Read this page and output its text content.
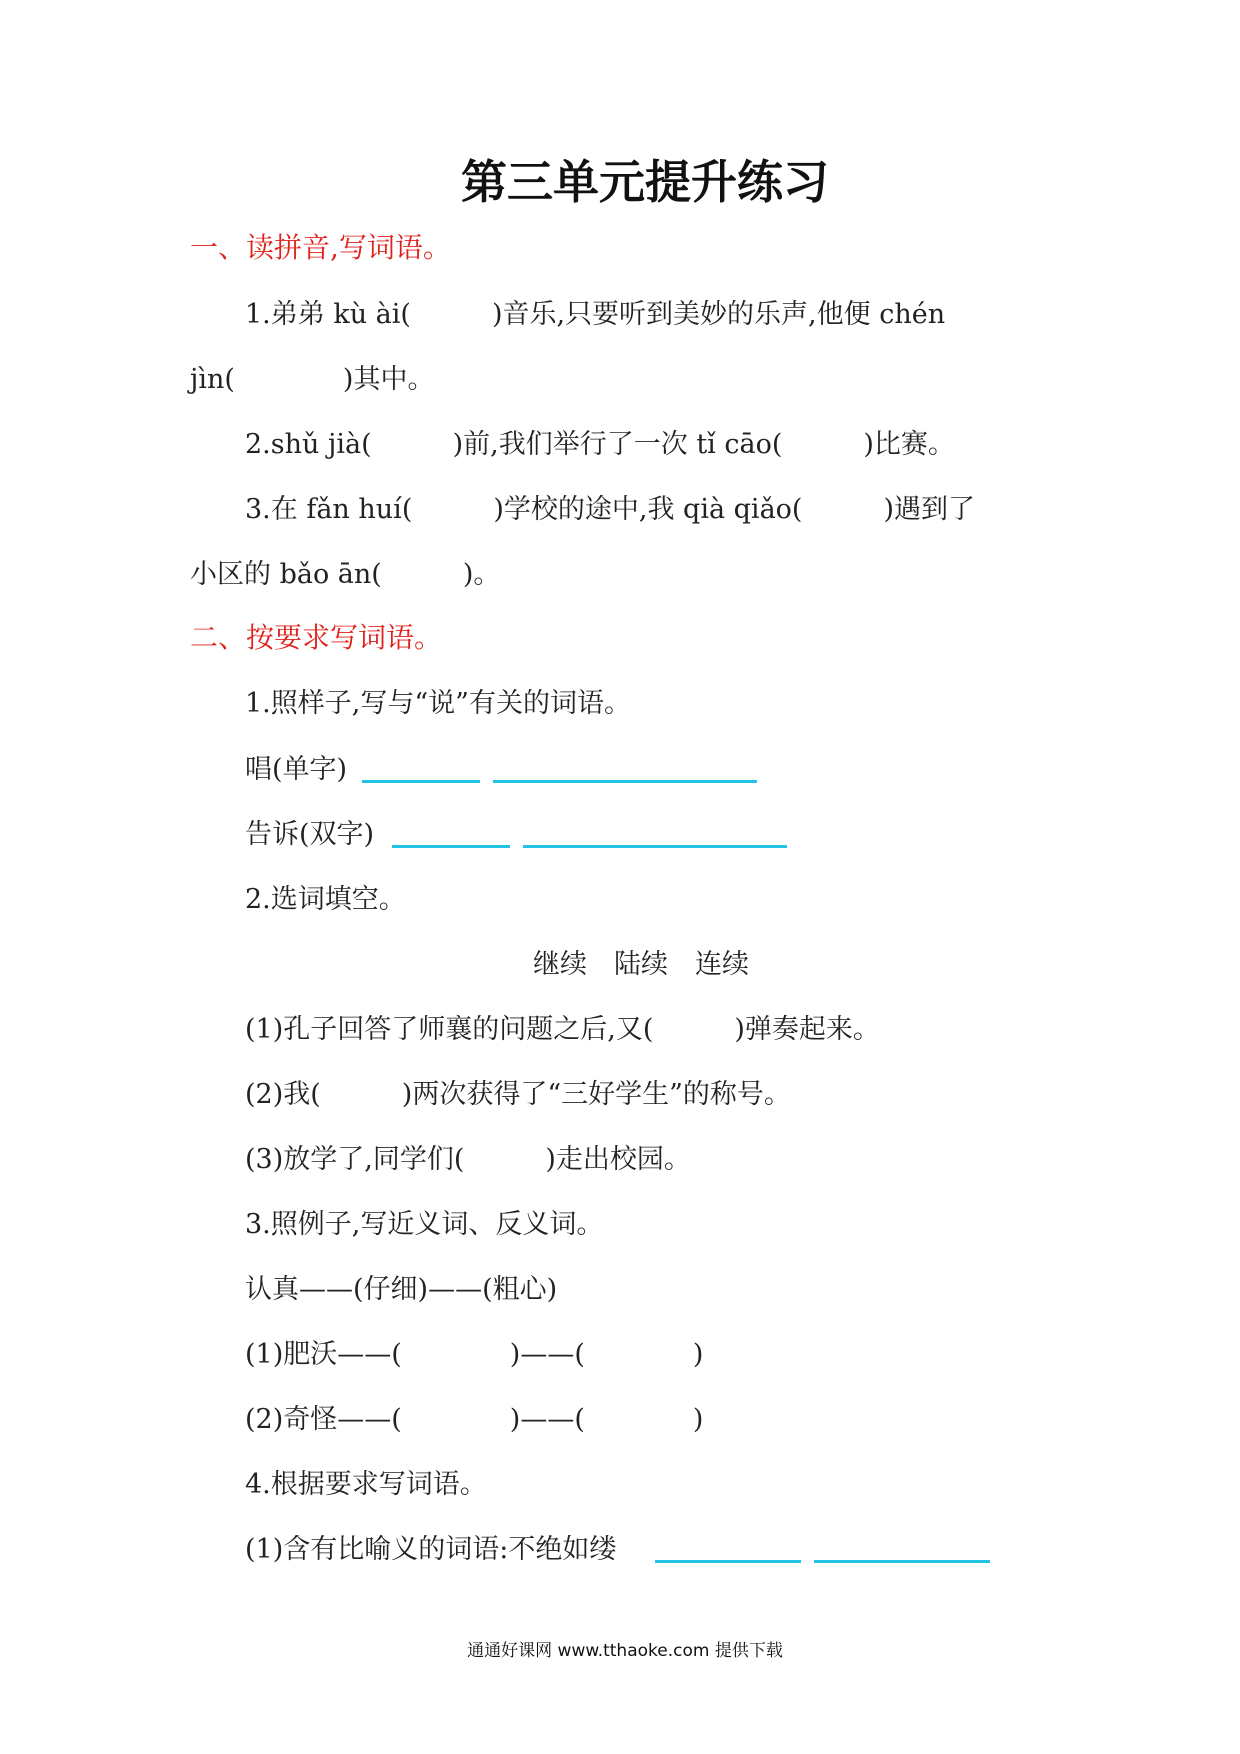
第三单元提升练习
一、读拼音,写词语。
1.弟弟 kù ài(　　　)音乐,只要听到美妙的乐声,他便 chén
jìn(　　　　)其中。
2.shǔ jià(　　　)前,我们举行了一次 tǐ cāo(　　　)比赛。
3.在 fǎn huí(　　　)学校的途中,我 qià qiǎo(　　　)遇到了
小区的 bǎo ān(　　　)。
二、按要求写词语。
1.照样子,写与“说”有关的词语。
唱(单字)
告诉(双字)
2.选词填空。
继续　陆续　连续
(1)孔子回答了师襄的问题之后,又(　　　)弹奏起来。
(2)我(　　　)两次获得了“三好学生”的称号。
(3)放学了,同学们(　　　)走出校园。
3.照例子,写近义词、反义词。
认真——(仔细)——(粗心)
(1)肥沃——(　　　　)——(　　　　)
(2)奇怪——(　　　　)——(　　　　)
4.根据要求写词语。
(1)含有比喻义的词语:不绝如缕
通通好课网 www.tthaoke.com 提供下载
